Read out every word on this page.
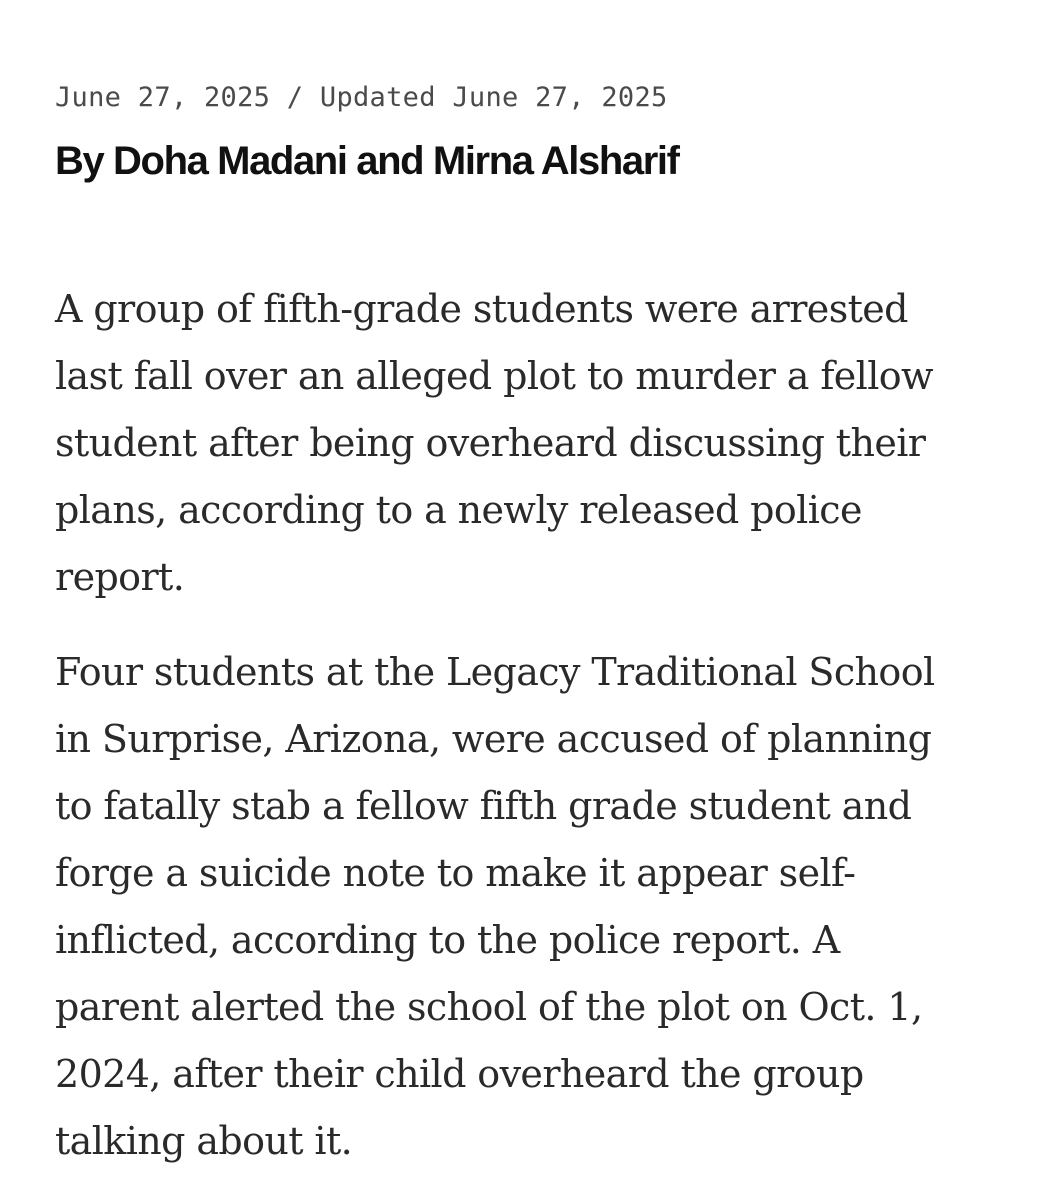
June 27, 2025 / Updated June 27, 2025
By Doha Madani and Mirna Alsharif

A group of fifth-grade students were arrested
last fall over an alleged plot to murder a fellow
student after being overheard discussing their
plans, according to a newly released police
report.

Four students at the Legacy Traditional School
in Surprise, Arizona, were accused of planning
to fatally stab a fellow fifth grade student and
forge a suicide note to make it appear self-
inflicted, according to the police report. A
parent alerted the school of the plot on Oct. 1,
2024, after their child overheard the group
talking about it.
